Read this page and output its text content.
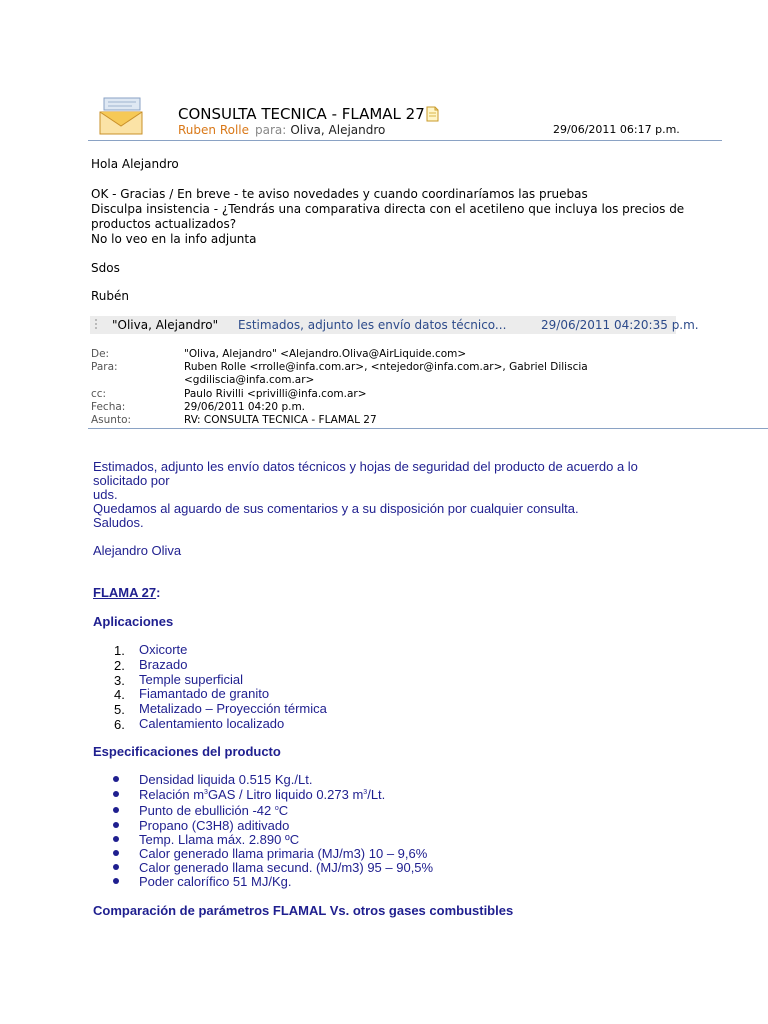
CONSULTA TECNICA - FLAMAL 27
Ruben Rolle para: Oliva, Alejandro	29/06/2011 06:17 p.m.
Hola Alejandro
OK - Gracias / En breve - te aviso novedades y cuando coordinaríamos las pruebas
Disculpa insistencia - ¿Tendrás una comparativa directa con el acetileno que incluya los precios de
productos actualizados?
No lo veo en la info adjunta
Sdos
Rubén
"Oliva, Alejandro" Estimados, adjunto les envío datos técnico...	29/06/2011 04:20:35 p.m.
De:	"Oliva, Alejandro" <Alejandro.Oliva@AirLiquide.com>
Para:	Ruben Rolle <rrolle@infa.com.ar>, <ntejedor@infa.com.ar>, Gabriel Diliscia
<gdiliscia@infa.com.ar>
cc:	Paulo Rivilli <privilli@infa.com.ar>
Fecha:	29/06/2011 04:20 p.m.
Asunto:	RV: CONSULTA TECNICA - FLAMAL 27
Estimados, adjunto les envío datos técnicos y hojas de seguridad del producto de acuerdo a lo
solicitado por
uds.
Quedamos al aguardo de sus comentarios y a su disposición por cualquier consulta.
Saludos.
Alejandro Oliva
FLAMA 27:
Aplicaciones
1. Oxicorte
2. Brazado
3. Temple superficial
4. Fiamantado de granito
5. Metalizado – Proyección térmica
6. Calentamiento localizado
Especificaciones del producto
Densidad liquida 0.515 Kg./Lt.
Relación $m^3GAS$ / Litro liquido 0.273 $m^3/Lt$.
Punto de ebullición -42 $^o$C
Propano (C3H8) aditivado
Temp. Llama máx. 2.890 ºC
Calor generado llama primaria (MJ/m3) 10 – 9,6%
Calor generado llama secund. (MJ/m3) 95 – 90,5%
Poder calorífico 51 MJ/Kg.
Comparación de parámetros FLAMAL Vs. otros gases combustibles
